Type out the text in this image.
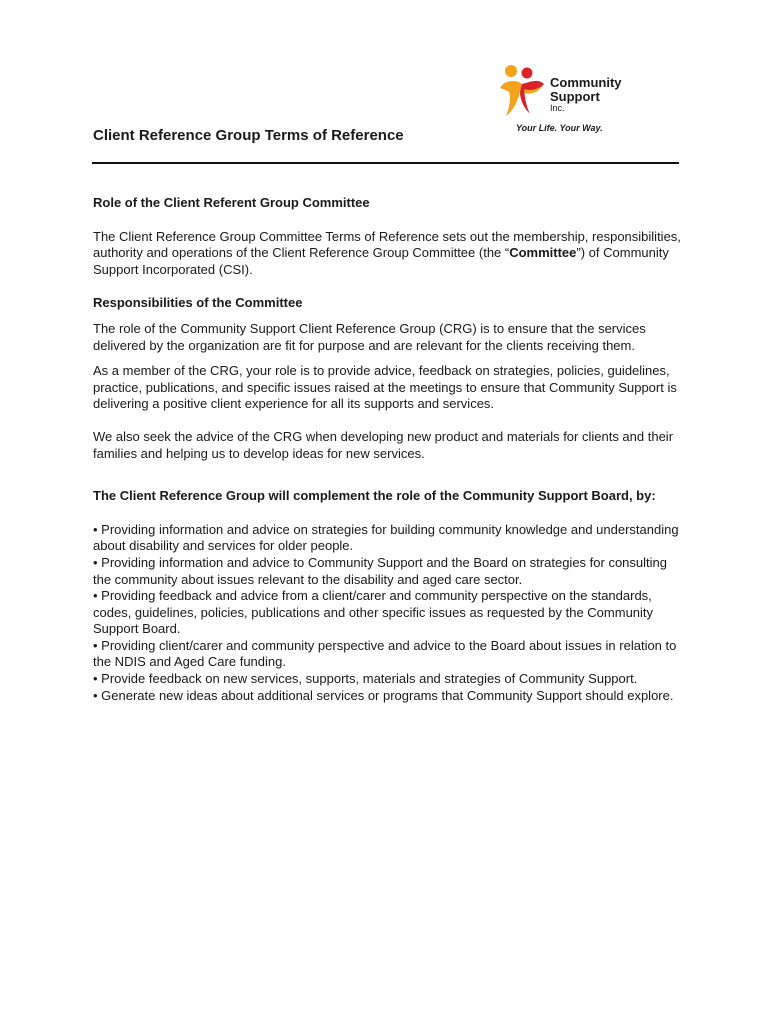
Community
Support
Inc.
Your Life. Your Way.
Client Reference Group Terms of Reference
Role of the Client Referent Group Committee

The Client Reference Group Committee Terms of Reference sets out the membership, responsibilities, authority and operations of the Client Reference Group Committee (the “Committee”) of Community Support Incorporated (CSI).

Responsibilities of the Committee

The role of the Community Support Client Reference Group (CRG) is to ensure that the services delivered by the organization are fit for purpose and are relevant for the clients receiving them.

As a member of the CRG, your role is to provide advice, feedback on strategies, policies, guidelines, practice, publications, and specific issues raised at the meetings to ensure that Community Support is delivering a positive client experience for all its supports and services.

We also seek the advice of the CRG when developing new product and materials for clients and their families and helping us to develop ideas for new services.

The Client Reference Group will complement the role of the Community Support Board, by:
• Providing information and advice on strategies for building community knowledge and understanding about disability and services for older people.
• Providing information and advice to Community Support and the Board on strategies for consulting the community about issues relevant to the disability and aged care sector.
• Providing feedback and advice from a client/carer and community perspective on the standards, codes, guidelines, policies, publications and other specific issues as requested by the Community Support Board.
• Providing client/carer and community perspective and advice to the Board about issues in relation to the NDIS and Aged Care funding.
• Provide feedback on new services, supports, materials and strategies of Community Support.
• Generate new ideas about additional services or programs that Community Support should explore.
